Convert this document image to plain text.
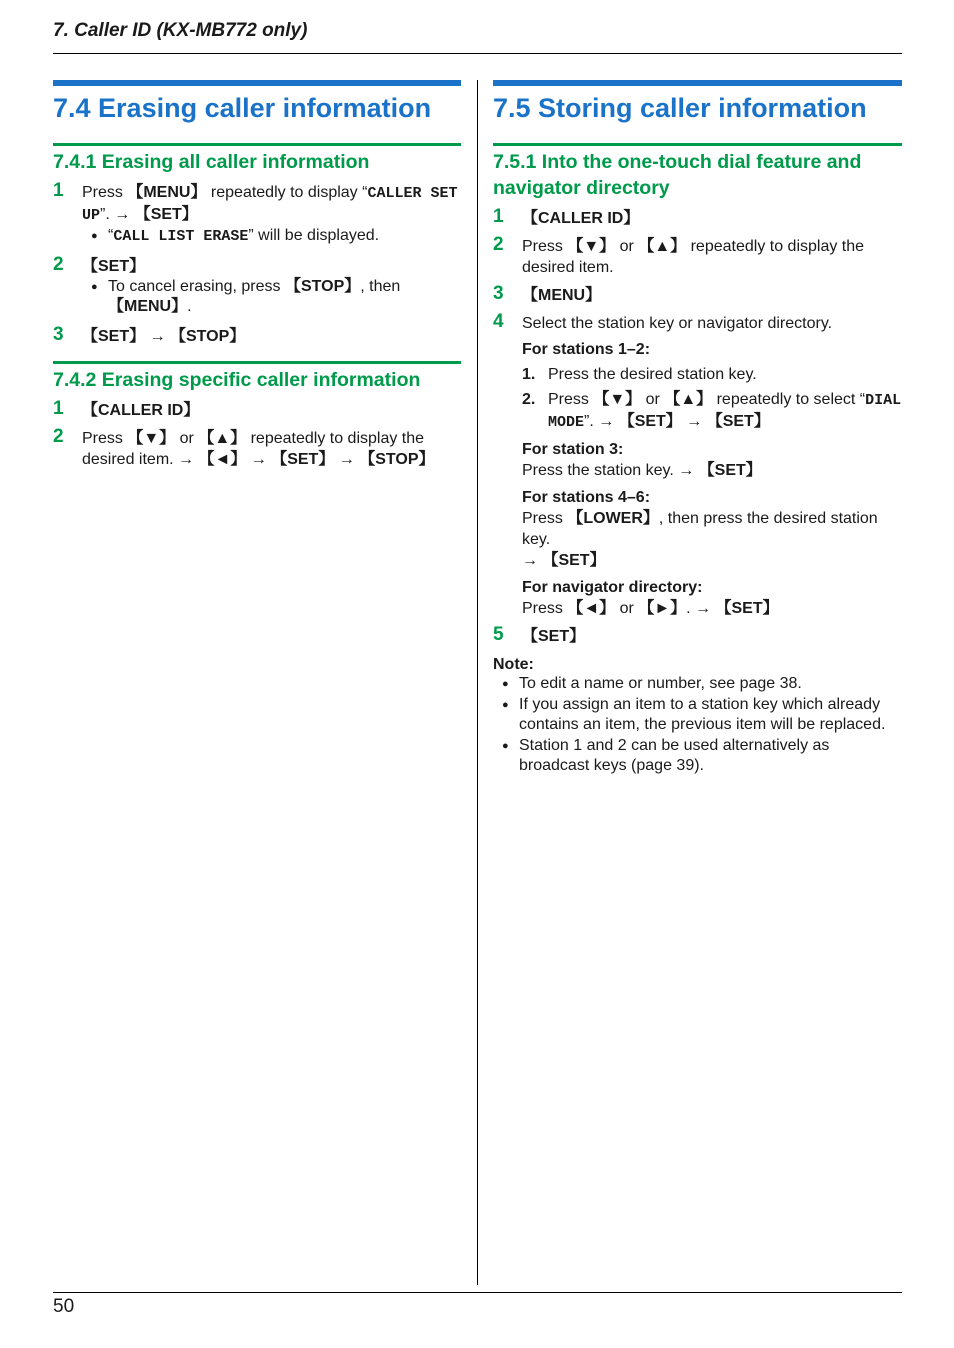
7. Caller ID (KX-MB772 only)
7.4 Erasing caller information
7.4.1 Erasing all caller information
1 Press 【MENU】 repeatedly to display “CALLER SET UP”. → 【SET】
● “CALL LIST ERASE” will be displayed.
2 【SET】
● To cancel erasing, press 【STOP】, then 【MENU】.
3 【SET】 → 【STOP】
7.4.2 Erasing specific caller information
1 【CALLER ID】
2 Press 【▼】 or 【▲】 repeatedly to display the desired item. → 【◄】 → 【SET】 → 【STOP】
7.5 Storing caller information
7.5.1 Into the one-touch dial feature and navigator directory
1 【CALLER ID】
2 Press 【▼】 or 【▲】 repeatedly to display the desired item.
3 【MENU】
4 Select the station key or navigator directory.
For stations 1–2:
1. Press the desired station key.
2. Press 【▼】 or 【▲】 repeatedly to select “DIAL MODE”. → 【SET】 → 【SET】
For station 3:
Press the station key. → 【SET】
For stations 4–6:
Press 【LOWER】, then press the desired station key.
→ 【SET】
For navigator directory:
Press 【◄】 or 【►】. → 【SET】
5 【SET】
Note:
● To edit a name or number, see page 38.
● If you assign an item to a station key which already contains an item, the previous item will be replaced.
● Station 1 and 2 can be used alternatively as broadcast keys (page 39).
50
